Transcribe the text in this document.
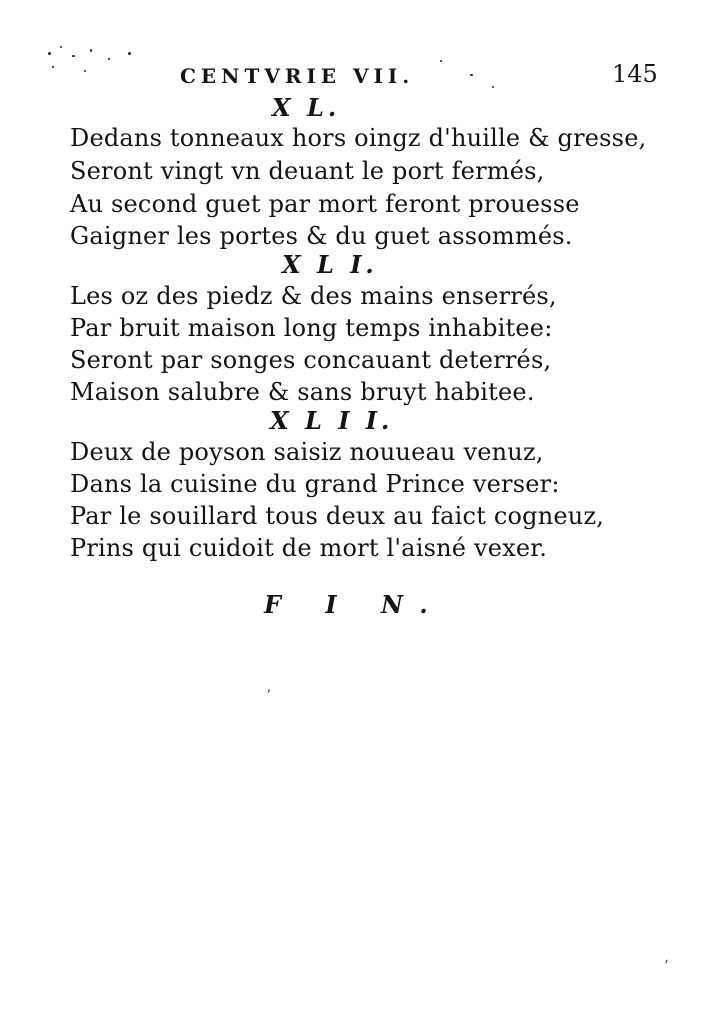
CENTVRIE VII.	145
X L.
Dedans tonneaux hors oingz d'huille & gresse,
Seront vingt vn deuant le port fermés,
Au second guet par mort feront prouesse
Gaigner les portes & du guet assommés.
X L I.
Les oz des piedz & des mains enserrés,
Par bruit maison long temps inhabitee:
Seront par songes concauant deterrés,
Maison salubre & sans bruyt habitee.
X L I I.
Deux de poyson saisiz nouueau venuz,
Dans la cuisine du grand Prince verser:
Par le souillard tous deux au faict cogneuz,
Prins qui cuidoit de mort l'aisné vexer.
F I N.
ʼ
ʻ
